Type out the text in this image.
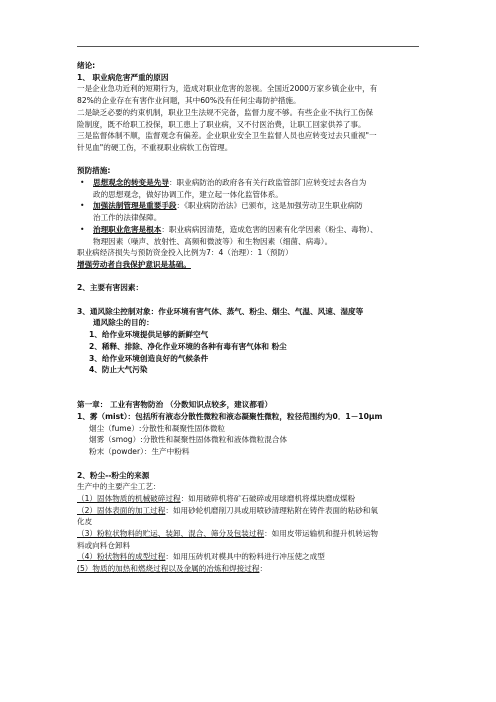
绪论:
1、 职业病危害严重的原因
一是企业急功近利的短期行为，造成对职业危害的忽视。全国近2000万家乡镇企业中，有
82%的企业存在有害作业问题，其中60%没有任何尘毒防护措施。
二是缺乏必要的约束机制，职业卫生法规不完备，监督力度不够。有些企业不执行工伤保
险制度，既不给职工投保，职工患上了职业病，又不付医治费，让职工回家供养了事。
三是监督体制不顺，监督观念有偏差。企业职业安全卫生监督人员也应转变过去只重视"一
针见血"的硬工伤，不重视职业病软工伤管理。
预防措施:
• 思想观念的转变是先导：职业病防治的政府各有关行政监管部门应转变过去各自为
政的思想观念，做好协调工作，建立起一体化监管体系。
• 加强法制管理是重要手段：《职业病防治法》已颁布，这是加强劳动卫生职业病防
治工作的法律保障。
• 治理职业危害是根本：职业病病因清楚，造成危害的因素有化学因素（粉尘、毒物）、
物理因素（噪声、放射性、高频和微波等）和生物因素（细菌、病毒）。
职业病经济损失与预防资金投入比例为7：4（治理）：1（预防）
增强劳动者自我保护意识是基础。
2、主要有害因素：
3、通风除尘控制对象：作业环境有害气体、蒸气、粉尘、烟尘、气温、风速、湿度等
通风除尘的目的：
1、给作业环境提供足够的新鲜空气
2、稀释、排除、净化作业环境的各种有毒有害气体和 粉尘
3、给作业环境创造良好的气候条件
4、防止大气污染
第一章： 工业有害物防治 （分数知识点较多，建议都看）
1、雾（mist）：包括所有液态分散性微粒和液态凝聚性微粒，粒径范围约为0．1－10μm
烟尘（fume）:分散性和凝聚性固体微粒
烟雾（smog）:分散性和凝聚性固体微粒和液体微粒混合体
粉末（powder）：生产中粉料
2、粉尘--粉尘的来源
生产中的主要产尘工艺：
（1）固体物质的机械破碎过程：如用破碎机将矿石破碎或用球磨机将煤块磨成煤粉
（2）固体表面的加工过程：如用砂轮机磨削刀具或用喷砂清理粘附在铸件表面的粘砂和氧
化皮
（3）粉粒状物料的贮运、装卸、混合、筛分及包装过程：如用皮带运输机和提升机转运物
料或向料仓卸料
（4）粉状物料的成型过程：如用压砖机对模具中的粉料进行冲压使之成型
(5）物质的加热和燃烧过程以及金属的冶炼和焊接过程：
